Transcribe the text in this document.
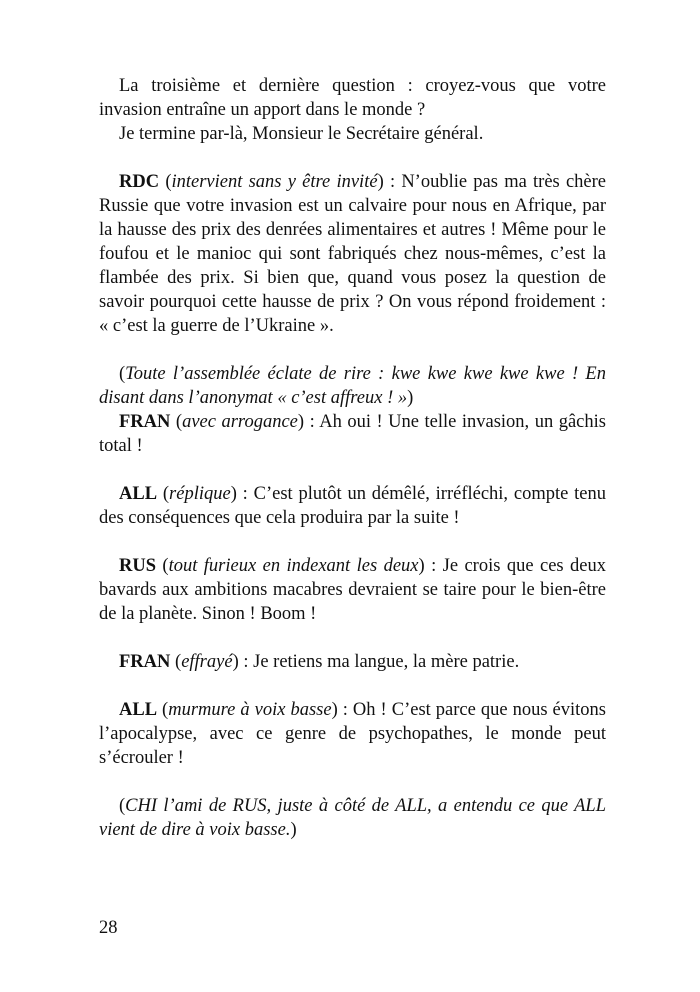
La troisième et dernière question : croyez-vous que votre invasion entraîne un apport dans le monde ?

Je termine par-là, Monsieur le Secrétaire général.

RDC (intervient sans y être invité) : N’oublie pas ma très chère Russie que votre invasion est un calvaire pour nous en Afrique, par la hausse des prix des denrées alimentaires et autres ! Même pour le foufou et le manioc qui sont fabriqués chez nous-mêmes, c’est la flambée des prix. Si bien que, quand vous posez la question de savoir pourquoi cette hausse de prix ? On vous répond froidement : « c’est la guerre de l’Ukraine ».

(Toute l’assemblée éclate de rire : kwe kwe kwe kwe kwe ! En disant dans l’anonymat « c’est affreux ! »)

FRAN (avec arrogance) : Ah oui ! Une telle invasion, un gâchis total !

ALL (réplique) : C’est plutôt un démêlé, irréfléchi, compte tenu des conséquences que cela produira par la suite !

RUS (tout furieux en indexant les deux) : Je crois que ces deux bavards aux ambitions macabres devraient se taire pour le bien-être de la planète. Sinon ! Boom !

FRAN (effrayé) : Je retiens ma langue, la mère patrie.

ALL (murmure à voix basse) : Oh ! C’est parce que nous évitons l’apocalypse, avec ce genre de psychopathes, le monde peut s’écrouler !

(CHI l’ami de RUS, juste à côté de ALL, a entendu ce que ALL vient de dire à voix basse.)

28
